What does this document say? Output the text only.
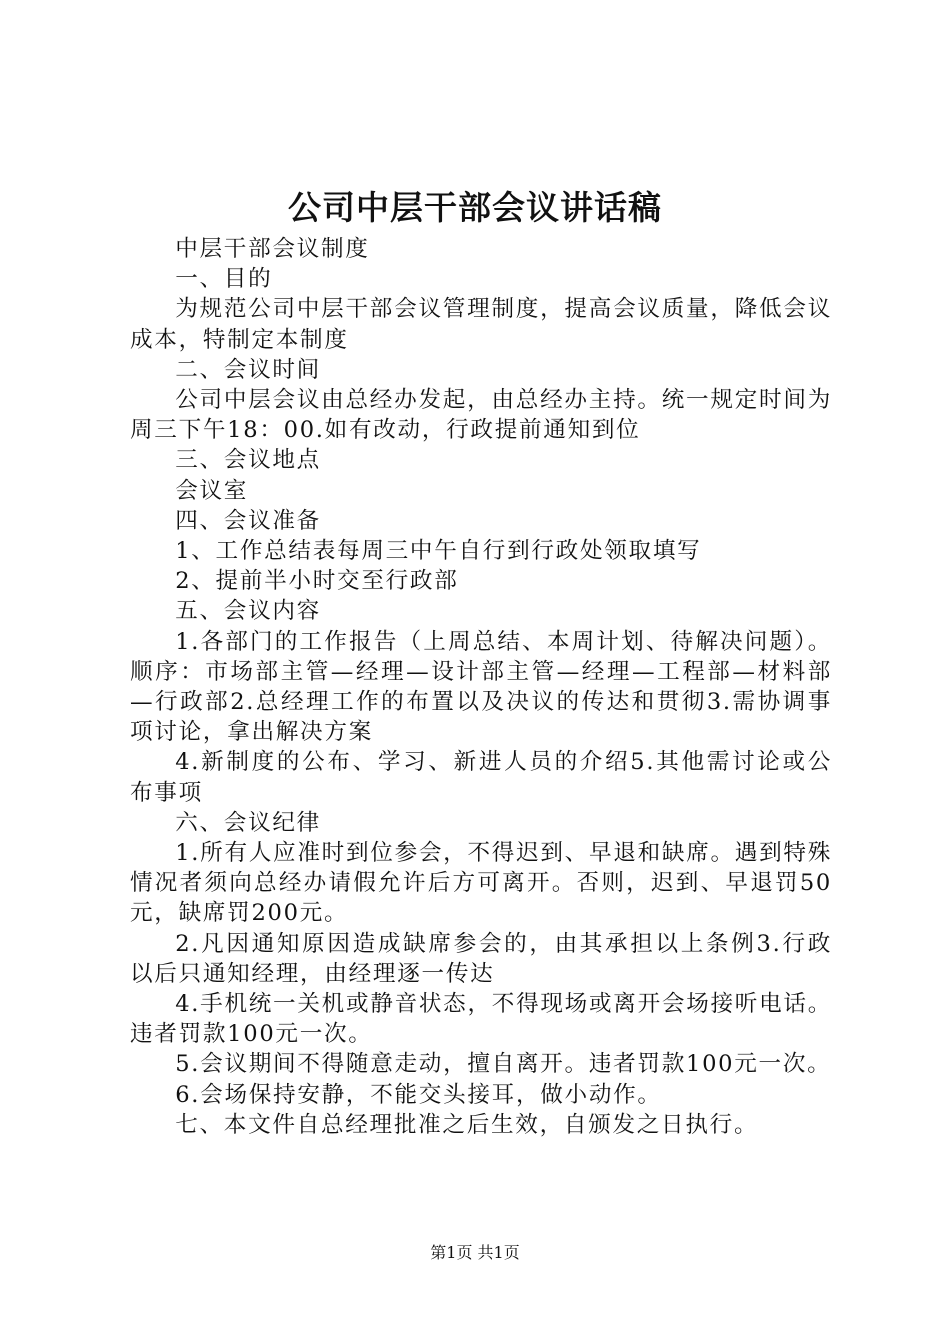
公司中层干部会议讲话稿

中层干部会议制度

一、目的

为规范公司中层干部会议管理制度，提高会议质量，降低会议成本，特制定本制度

二、会议时间

公司中层会议由总经办发起，由总经办主持。统一规定时间为周三下午18：00.如有改动，行政提前通知到位

三、会议地点

会议室

四、会议准备

1、工作总结表每周三中午自行到行政处领取填写

2、提前半小时交至行政部

五、会议内容

1.各部门的工作报告（上周总结、本周计划、待解决问题）。顺序：市场部主管—经理—设计部主管—经理—工程部—材料部—行政部2.总经理工作的布置以及决议的传达和贯彻3.需协调事项讨论，拿出解决方案

4.新制度的公布、学习、新进人员的介绍5.其他需讨论或公布事项

六、会议纪律

1.所有人应准时到位参会，不得迟到、早退和缺席。遇到特殊情况者须向总经办请假允许后方可离开。否则，迟到、早退罚50元，缺席罚200元。

2.凡因通知原因造成缺席参会的，由其承担以上条例3.行政以后只通知经理，由经理逐一传达

4.手机统一关机或静音状态，不得现场或离开会场接听电话。违者罚款100元一次。

5.会议期间不得随意走动，擅自离开。违者罚款100元一次。

6.会场保持安静，不能交头接耳，做小动作。

七、本文件自总经理批准之后生效，自颁发之日执行。

第1页 共1页
